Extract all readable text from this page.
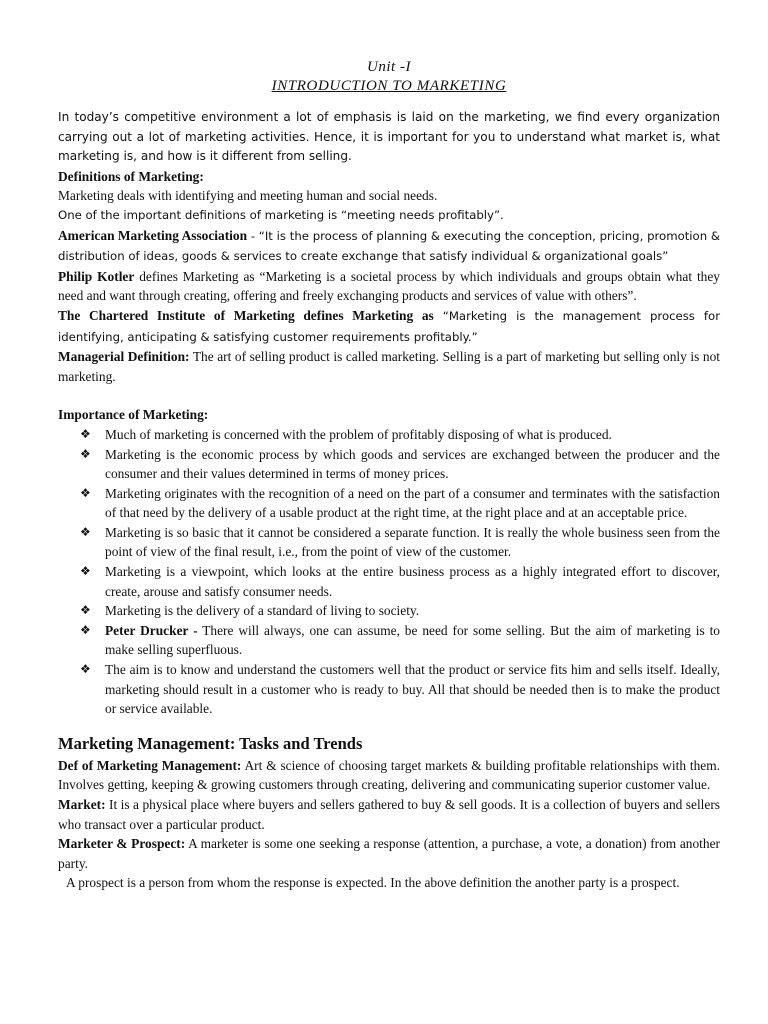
Unit -I
INTRODUCTION TO MARKETING

In today’s competitive environment a lot of emphasis is laid on the marketing, we find every organization carrying out a lot of marketing activities. Hence, it is important for you to understand what market is, what marketing is, and how is it different from selling.

Definitions of Marketing:

Marketing deals with identifying and meeting human and social needs.

One of the important definitions of marketing is “meeting needs profitably”.

American Marketing Association - “It is the process of planning & executing the conception, pricing, promotion & distribution of ideas, goods & services to create exchange that satisfy individual & organizational goals”

Philip Kotler defines Marketing as “Marketing is a societal process by which individuals and groups obtain what they need and want through creating, offering and freely exchanging products and services of value with others”.

The Chartered Institute of Marketing defines Marketing as “Marketing is the management process for identifying, anticipating & satisfying customer requirements profitably.”

Managerial Definition: The art of selling product is called marketing. Selling is a part of marketing but selling only is not marketing.

Importance of Marketing:

❖ Much of marketing is concerned with the problem of profitably disposing of what is produced.
❖ Marketing is the economic process by which goods and services are exchanged between the producer and the consumer and their values determined in terms of money prices.
❖ Marketing originates with the recognition of a need on the part of a consumer and terminates with the satisfaction of that need by the delivery of a usable product at the right time, at the right place and at an acceptable price.
❖ Marketing is so basic that it cannot be considered a separate function. It is really the whole business seen from the point of view of the final result, i.e., from the point of view of the customer.
❖ Marketing is a viewpoint, which looks at the entire business process as a highly integrated effort to discover, create, arouse and satisfy consumer needs.
❖ Marketing is the delivery of a standard of living to society.
❖ Peter Drucker - There will always, one can assume, be need for some selling. But the aim of marketing is to make selling superfluous.
❖ The aim is to know and understand the customers well that the product or service fits him and sells itself. Ideally, marketing should result in a customer who is ready to buy. All that should be needed then is to make the product or service available.
Marketing Management: Tasks and Trends

Def of Marketing Management: Art & science of choosing target markets & building profitable relationships with them. Involves getting, keeping & growing customers through creating, delivering and communicating superior customer value.

Market: It is a physical place where buyers and sellers gathered to buy & sell goods. It is a collection of buyers and sellers who transact over a particular product.

Marketer & Prospect: A marketer is some one seeking a response (attention, a purchase, a vote, a donation) from another party.

A prospect is a person from whom the response is expected. In the above definition the another party is a prospect.
